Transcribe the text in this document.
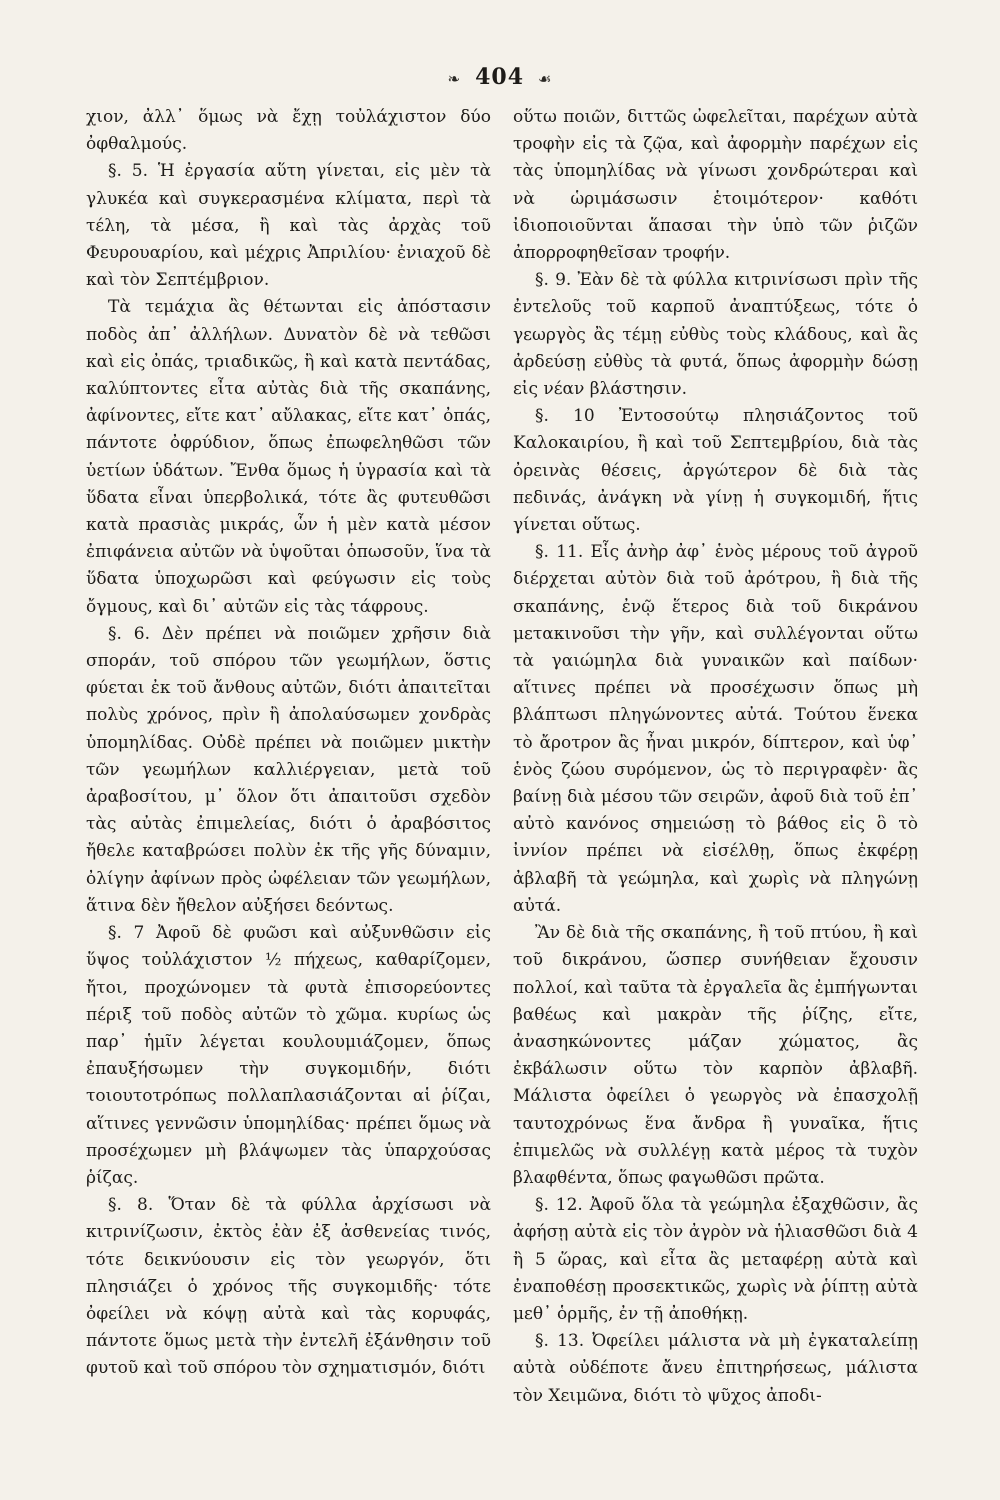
❧ 404 ☙

χιον, ἀλλ᾽ ὅμως νὰ ἔχῃ τοὐλάχιστον δύο ὀφθαλμούς.

§. 5. Ἡ ἐργασία αὕτη γίνεται, εἰς μὲν τὰ γλυκέα καὶ συγκερασμένα κλίματα, περὶ τὰ τέλη, τὰ μέσα, ἢ καὶ τὰς ἀρχὰς τοῦ Φευρουαρίου, καὶ μέχρις Ἀπριλίου· ἐνιαχοῦ δὲ καὶ τὸν Σεπτέμβριον.

Τὰ τεμάχια ἂς θέτωνται εἰς ἀπόστασιν ποδὸς ἀπ᾽ ἀλλήλων. Δυνατὸν δὲ νὰ τεθῶσι καὶ εἰς ὀπάς, τριαδικῶς, ἢ καὶ κατὰ πεντάδας, καλύπτοντες εἶτα αὐτὰς διὰ τῆς σκαπάνης, ἀφίνοντες, εἴτε κατ᾽ αὔλακας, εἴτε κατ᾽ ὀπάς, πάντοτε ὀφρύδιον, ὅπως ἐπωφεληθῶσι τῶν ὑετίων ὑδάτων. Ἔνθα ὅμως ἡ ὑγρασία καὶ τὰ ὕδατα εἶναι ὑπερβολικά, τότε ἂς φυτευθῶσι κατὰ πρασιὰς μικράς, ὧν ἡ μὲν κατὰ μέσον ἐπιφάνεια αὐτῶν νὰ ὑψοῦται ὁπωσοῦν, ἵνα τὰ ὕδατα ὑποχωρῶσι καὶ φεύγωσιν εἰς τοὺς ὄγμους, καὶ δι᾽ αὐτῶν εἰς τὰς τάφρους.

§. 6. Δὲν πρέπει νὰ ποιῶμεν χρῆσιν διὰ σποράν, τοῦ σπόρου τῶν γεωμήλων, ὅστις φύεται ἐκ τοῦ ἄνθους αὐτῶν, διότι ἀπαιτεῖται πολὺς χρόνος, πρὶν ἢ ἀπολαύσωμεν χονδρὰς ὑπομηλίδας. Οὐδὲ πρέπει νὰ ποιῶμεν μικτὴν τῶν γεωμήλων καλλιέργειαν, μετὰ τοῦ ἀραβοσίτου, μ᾽ ὅλον ὅτι ἀπαιτοῦσι σχεδὸν τὰς αὐτὰς ἐπιμελείας, διότι ὁ ἀραβόσιτος ἤθελε καταβρώσει πολὺν ἐκ τῆς γῆς δύναμιν, ὀλίγην ἀφίνων πρὸς ὠφέλειαν τῶν γεωμήλων, ἅτινα δὲν ἤθελον αὐξήσει δεόντως.

§. 7 Ἀφοῦ δὲ φυῶσι καὶ αὐξυνθῶσιν εἰς ὕψος τοὐλάχιστον ½ πήχεως, καθαρίζομεν, ἤτοι, προχώνομεν τὰ φυτὰ ἐπισορεύοντες πέριξ τοῦ ποδὸς αὐτῶν τὸ χῶμα. κυρίως ὡς παρ᾽ ἡμῖν λέγεται κουλουμιάζομεν, ὅπως ἐπαυξήσωμεν τὴν συγκομιδήν, διότι τοιουτοτρόπως πολλαπλασιάζονται αἱ ῥίζαι, αἵτινες γεννῶσιν ὑπομηλίδας· πρέπει ὅμως νὰ προσέχωμεν μὴ βλάψωμεν τὰς ὑπαρχούσας ῥίζας.

§. 8. Ὅταν δὲ τὰ φύλλα ἀρχίσωσι νὰ κιτρινίζωσιν, ἐκτὸς ἐὰν ἐξ ἀσθενείας τινός, τότε δεικνύουσιν εἰς τὸν γεωργόν, ὅτι πλησιάζει ὁ χρόνος τῆς συγκομιδῆς· τότε ὀφείλει νὰ κόψῃ αὐτὰ καὶ τὰς κορυφάς, πάντοτε ὅμως μετὰ τὴν ἐντελῆ ἐξάνθησιν τοῦ φυτοῦ καὶ τοῦ σπόρου τὸν σχηματισμόν, διότι

οὕτω ποιῶν, διττῶς ὠφελεῖται, παρέχων αὐτὰ τροφὴν εἰς τὰ ζῷα, καὶ ἀφορμὴν παρέχων εἰς τὰς ὑπομηλίδας νὰ γίνωσι χονδρώτεραι καὶ νὰ ὡριμάσωσιν ἑτοιμότερον· καθότι ἰδιοποιοῦνται ἅπασαι τὴν ὑπὸ τῶν ῥιζῶν ἀπορροφηθεῖσαν τροφήν.

§. 9. Ἐὰν δὲ τὰ φύλλα κιτρινίσωσι πρὶν τῆς ἐντελοῦς τοῦ καρποῦ ἀναπτύξεως, τότε ὁ γεωργὸς ἂς τέμῃ εὐθὺς τοὺς κλάδους, καὶ ἂς ἀρδεύσῃ εὐθὺς τὰ φυτά, ὅπως ἀφορμὴν δώσῃ εἰς νέαν βλάστησιν.

§. 10 Ἐντοσούτῳ πλησιάζοντος τοῦ Καλοκαιρίου, ἢ καὶ τοῦ Σεπτεμβρίου, διὰ τὰς ὀρεινὰς θέσεις, ἀργώτερον δὲ διὰ τὰς πεδινάς, ἀνάγκη νὰ γίνῃ ἡ συγκομιδή, ἥτις γίνεται οὕτως.

§. 11. Εἷς ἀνὴρ ἀφ᾽ ἑνὸς μέρους τοῦ ἀγροῦ διέρχεται αὐτὸν διὰ τοῦ ἀρότρου, ἢ διὰ τῆς σκαπάνης, ἐνῷ ἕτερος διὰ τοῦ δικράνου μετακινοῦσι τὴν γῆν, καὶ συλλέγονται οὕτω τὰ γαιώμηλα διὰ γυναικῶν καὶ παίδων· αἵτινες πρέπει νὰ προσέχωσιν ὅπως μὴ βλάπτωσι πληγώνοντες αὐτά. Τούτου ἕνεκα τὸ ἄροτρον ἂς ἦναι μικρόν, δίπτερον, καὶ ὑφ᾽ ἑνὸς ζώου συρόμενον, ὡς τὸ περιγραφὲν· ἂς βαίνῃ διὰ μέσου τῶν σειρῶν, ἀφοῦ διὰ τοῦ ἐπ᾽ αὐτὸ κανόνος σημειώσῃ τὸ βάθος εἰς ὃ τὸ ἰννίον πρέπει νὰ εἰσέλθῃ, ὅπως ἐκφέρῃ ἀβλαβῆ τὰ γεώμηλα, καὶ χωρὶς νὰ πληγώνῃ αὐτά.

Ἂν δὲ διὰ τῆς σκαπάνης, ἢ τοῦ πτύου, ἢ καὶ τοῦ δικράνου, ὥσπερ συνήθειαν ἔχουσιν πολλοί, καὶ ταῦτα τὰ ἐργαλεῖα ἂς ἐμπήγωνται βαθέως καὶ μακρὰν τῆς ῥίζης, εἴτε, ἀνασηκώνοντες μάζαν χώματος, ἂς ἐκβάλωσιν οὕτω τὸν καρπὸν ἀβλαβῆ. Μάλιστα ὀφείλει ὁ γεωργὸς νὰ ἐπασχολῇ ταυτοχρόνως ἕνα ἄνδρα ἢ γυναῖκα, ἥτις ἐπιμελῶς νὰ συλλέγῃ κατὰ μέρος τὰ τυχὸν βλαφθέντα, ὅπως φαγωθῶσι πρῶτα.

§. 12. Ἀφοῦ ὅλα τὰ γεώμηλα ἐξαχθῶσιν, ἂς ἀφήσῃ αὐτὰ εἰς τὸν ἀγρὸν νὰ ἡλιασθῶσι διὰ 4 ἢ 5 ὥρας, καὶ εἶτα ἂς μεταφέρῃ αὐτὰ καὶ ἐναποθέσῃ προσεκτικῶς, χωρὶς νὰ ῥίπτῃ αὐτὰ μεθ᾽ ὁρμῆς, ἐν τῇ ἀποθήκῃ.

§. 13. Ὀφείλει μάλιστα νὰ μὴ ἐγκαταλείπῃ αὐτὰ οὐδέποτε ἄνευ ἐπιτηρήσεως, μάλιστα τὸν Χειμῶνα, διότι τὸ ψῦχος ἀποδι-
